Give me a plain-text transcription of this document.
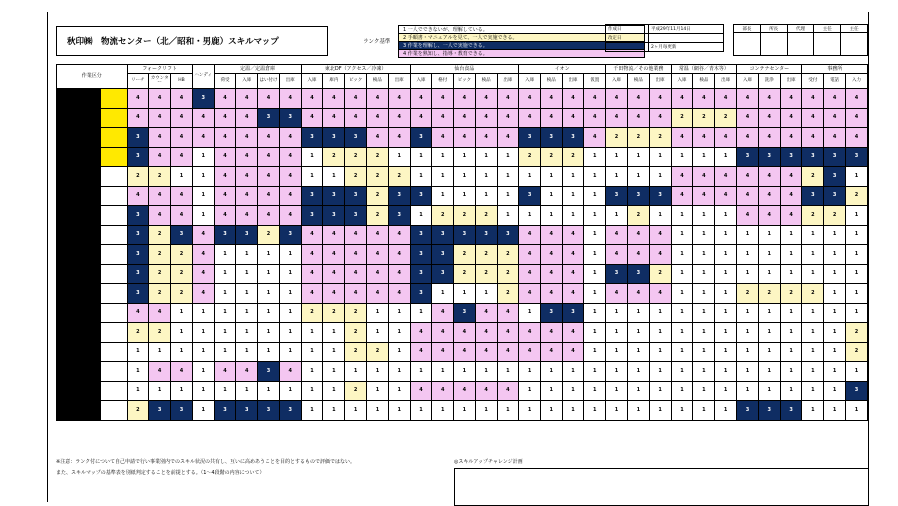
秋印㈱　物流センター（北／昭和・男鹿）スキルマップ	ランク基準
1 一人でできないが、理解している。
2 手順書・マニュアルを見て、一人で実施できる。
3 作業を理解し、一人で実施できる。
4 作業を熟知し、指導・教育できる。
作成日	平成29年11月14日
改定日	
	2ヶ月毎更新
部長	所長	代理	主任	主任

作業区分		フォークリフト			ハンディ	定温／定温倉庫				東北DF（アクセス／冷凍）					仙台食品					イオン				千田物流／その他業務			常温（網谷／青木等）			コンテナセンター			事務所		
		リーチ	カウンター	HB		荷受	入庫	はい付け	出庫	入庫	庫内	ピック	検品	出庫	入庫	格付	ピック	検品	出庫	入庫	検品	出庫	仮置	入庫	検品	出庫	入庫	検品	出庫	入庫	洗浄	出庫	受付	電話	入力
		4	4	4	3	4	4	4	4	4	4	4	4	4	4	4	4	4	4	4	4	4	4	4	4	4	4	4	4	4	4	4	4	4	4
		4	4	4	4	4	4	3	3	4	4	4	4	4	4	4	4	4	4	4	4	4	4	4	4	4	2	2	2	4	4	4	4	4	4
		3	4	4	4	4	4	4	4	3	3	3	4	4	3	4	4	4	4	3	3	3	4	2	2	2	4	4	4	4	4	4	4	4	4
		3	4	4	1	4	4	4	4	1	2	2	2	1	1	1	1	1	1	2	2	2	1	1	1	1	1	1	1	3	3	3	3	3	3
		2	2	1	1	4	4	4	4	1	1	2	2	2	1	1	1	1	1	1	1	1	1	1	1	1	4	4	4	4	4	4	2	3	1
		4	4	4	1	4	4	4	4	3	3	3	2	3	3	1	1	1	1	3	1	1	1	3	3	3	4	4	4	4	4	4	3	3	2
		3	4	4	1	4	4	4	4	3	3	3	2	3	1	2	2	2	1	1	1	1	1	1	2	1	1	1	1	4	4	4	2	2	1
		3	2	3	4	3	3	2	3	4	4	4	4	4	3	3	3	3	3	4	4	4	1	4	4	4	1	1	1	1	1	1	1	1	1
		3	2	2	4	1	1	1	1	4	4	4	4	4	3	3	2	2	2	4	4	4	1	4	4	4	1	1	1	1	1	1	1	1	1
		3	2	2	4	1	1	1	1	4	4	4	4	4	3	3	2	2	2	4	4	4	1	3	3	2	1	1	1	1	1	1	1	1	1
		3	2	2	4	1	1	1	1	4	4	4	4	4	3	1	1	1	2	4	4	4	1	4	4	4	1	1	1	2	2	2	2	1	1
		4	4	1	1	1	1	1	1	2	2	2	1	1	1	4	3	4	4	1	3	3	1	1	1	1	1	1	1	1	1	1	1	1	1
		2	2	1	1	1	1	1	1	1	1	2	1	1	4	4	4	4	4	4	4	4	1	1	1	1	1	1	1	1	1	1	1	1	2
		1	1	1	1	1	1	1	1	1	1	2	2	1	4	4	4	4	4	4	4	4	1	1	1	1	1	1	1	1	1	1	1	1	2
		1	4	4	1	4	4	3	4	1	1	1	1	1	1	1	1	1	1	1	1	1	1	1	1	1	1	1	1	1	1	1	1	1	1
		1	1	1	1	1	1	1	1	1	1	2	1	1	4	4	4	4	4	1	1	1	1	1	1	1	1	1	1	1	1	1	1	1	3
		2	3	3	1	3	3	3	3	1	1	1	1	1	1	1	1	1	1	1	1	1	1	1	1	1	1	1	1	3	3	3	1	1	1
※注意：ランク付について自己申請で行い事業別内でのスキル状況の共有し、互いに高めあうことを目的とするもので評価ではない。
また、スキルマップの基準表を別紙判定することを前提とする。（1～4段階の内容について）
◎スキルアップチャレンジ計画
